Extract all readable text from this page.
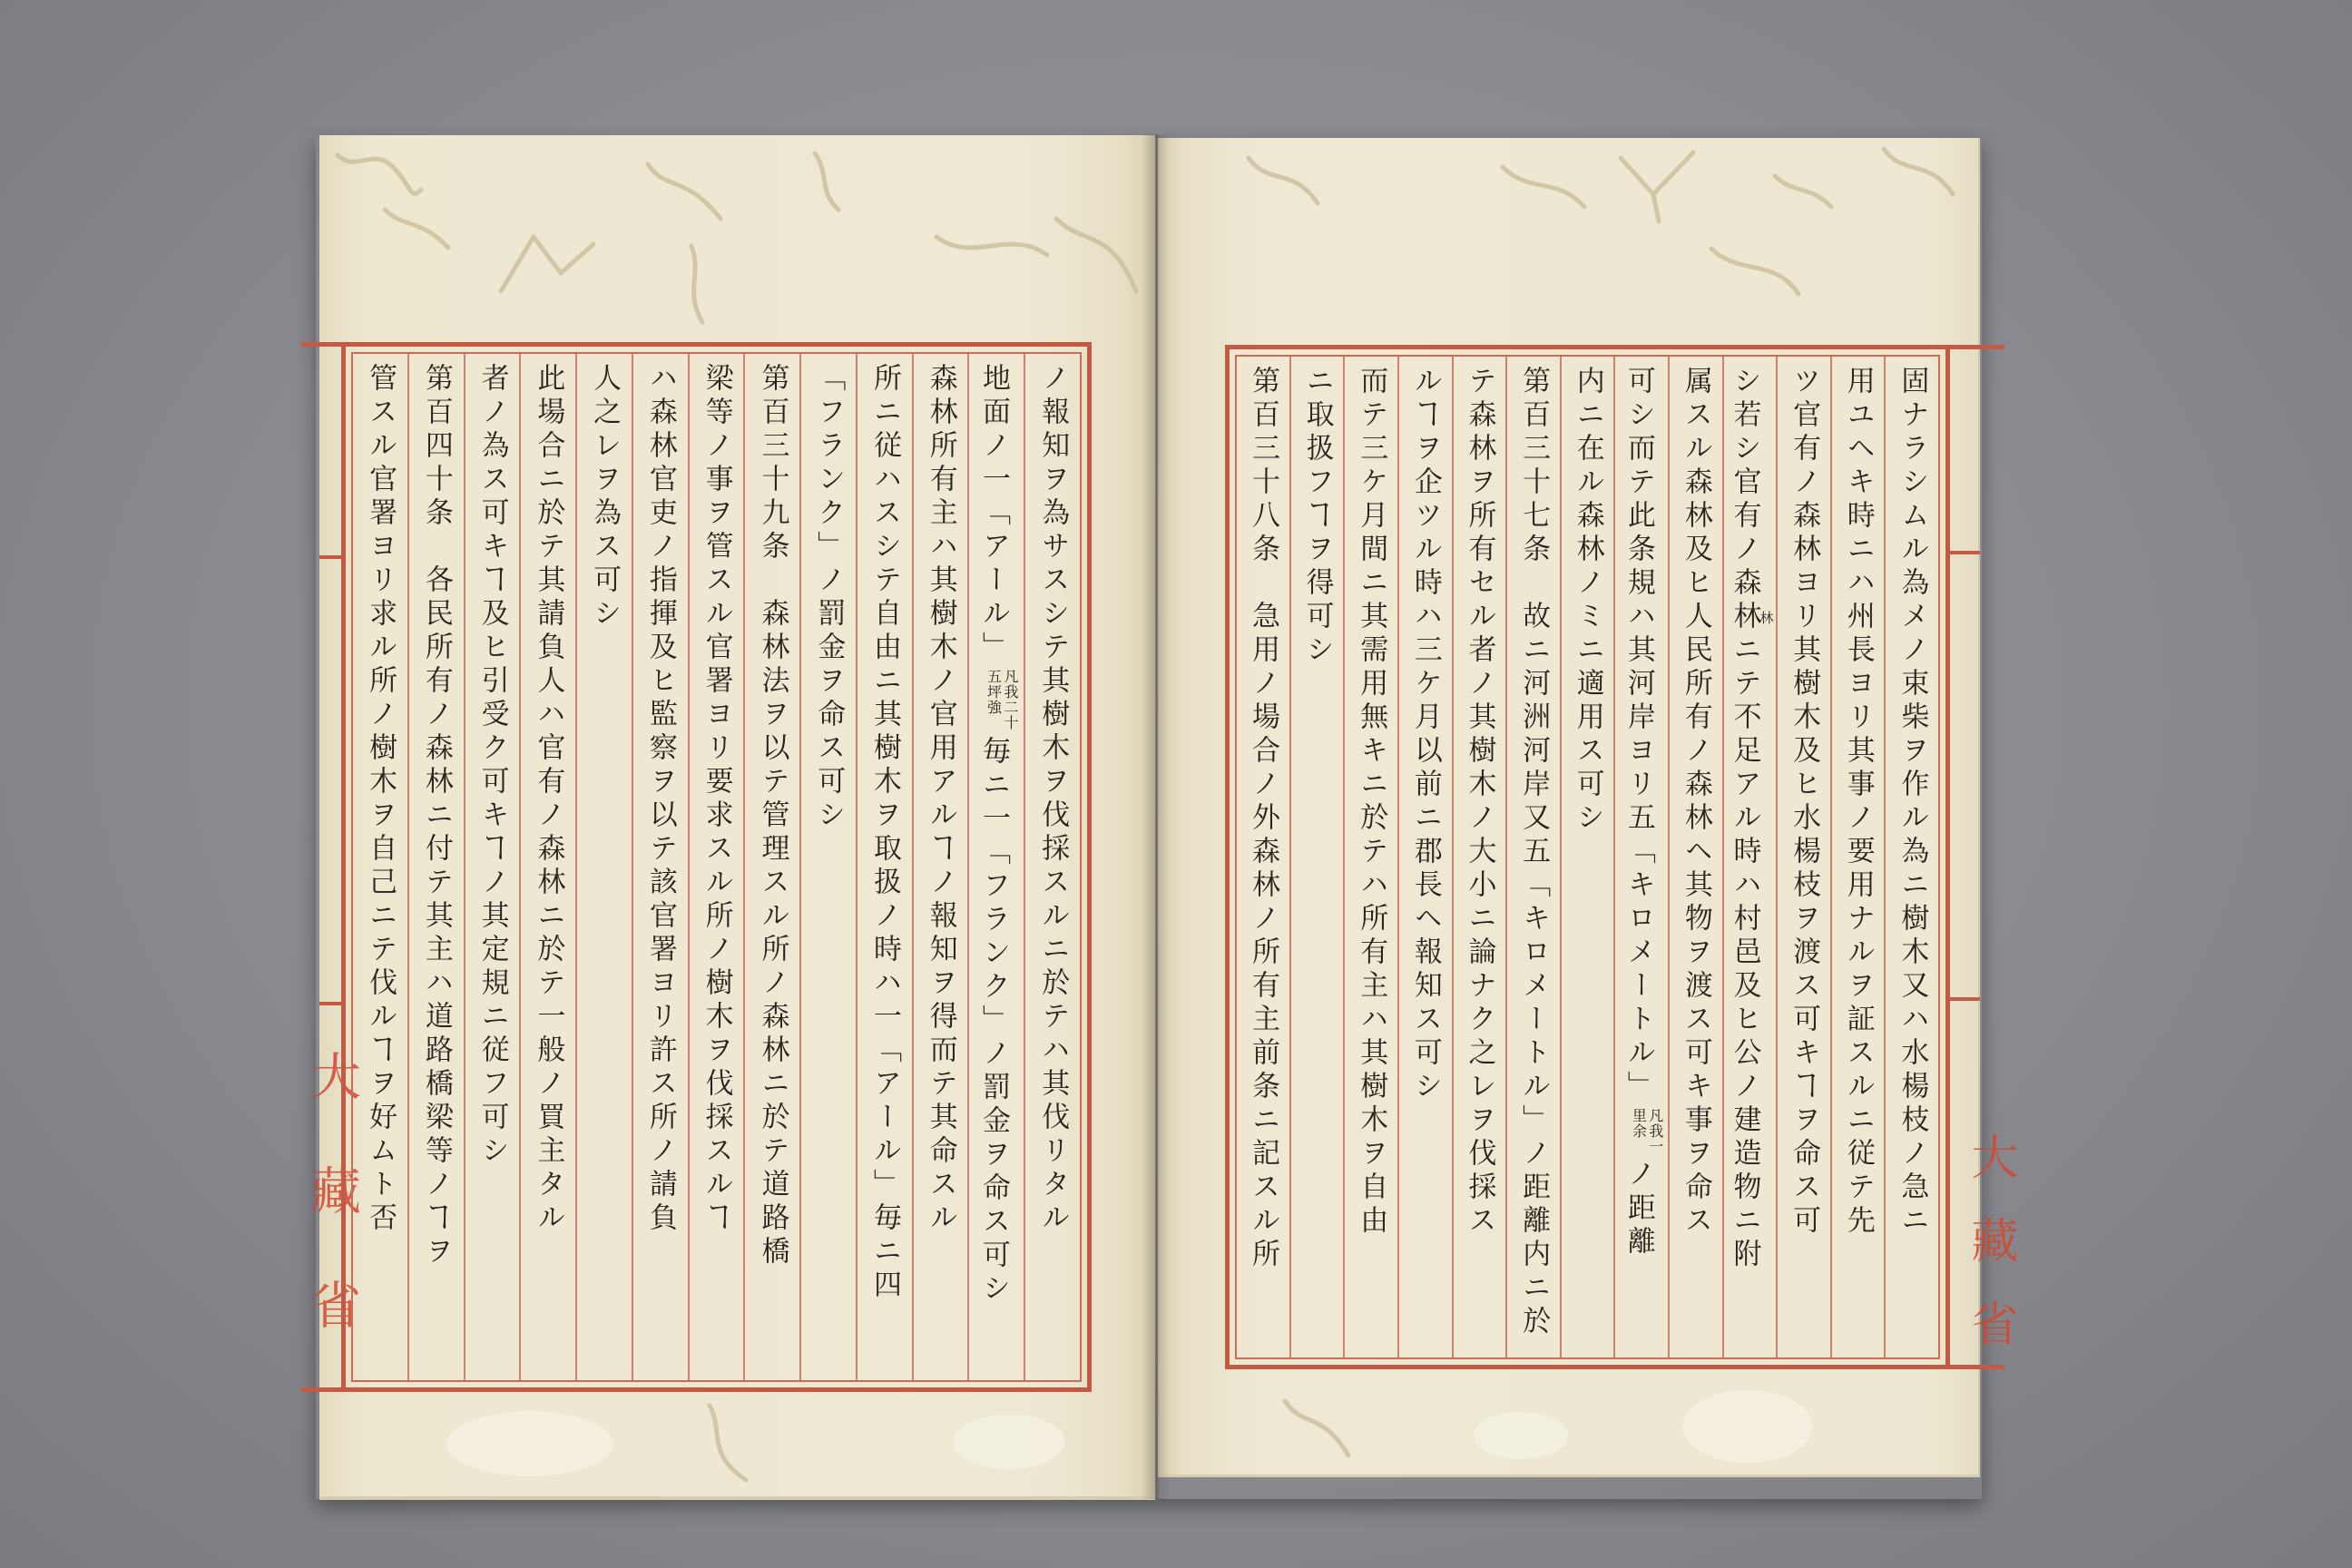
大藏省	ノ報知ヲ為サスシテ其樹木ヲ伐採スルニ於テハ其伐リタル
地面ノ一「アール」凡我二十五坪強毎ニ一「フランク」ノ罰金ヲ命ス可シ
森林所有主ハ其樹木ノ官用アルヿノ報知ヲ得而テ其命スル
所ニ従ハスシテ自由ニ其樹木ヲ取扱ノ時ハ一「アール」毎ニ四
「フランク」ノ罰金ヲ命ス可シ
第百三十九条　森林法ヲ以テ管理スル所ノ森林ニ於テ道路橋
梁等ノ事ヲ管スル官署ヨリ要求スル所ノ樹木ヲ伐採スルヿ
ハ森林官吏ノ指揮及ヒ監察ヲ以テ該官署ヨリ許ス所ノ請負
人之レヲ為ス可シ
此場合ニ於テ其請負人ハ官有ノ森林ニ於テ一般ノ買主タル
者ノ為ス可キヿ及ヒ引受ク可キヿノ其定規ニ従フ可シ
第百四十条　各民所有ノ森林ニ付テ其主ハ道路橋梁等ノヿヲ
管スル官署ヨリ求ル所ノ樹木ヲ自己ニテ伐ルヿヲ好ムト否
大藏省
固ナラシムル為メノ束柴ヲ作ル為ニ樹木又ハ水楊枝ノ急ニ
用ユヘキ時ニハ州長ヨリ其事ノ要用ナルヲ証スルニ従テ先
ツ官有ノ森林ヨリ其樹木及ヒ水楊枝ヲ渡ス可キヿヲ命ス可
シ若シ官有ノ森林林ニテ不足アル時ハ村邑及ヒ公ノ建造物ニ附
属スル森林及ヒ人民所有ノ森林ヘ其物ヲ渡ス可キ事ヲ命ス
可シ而テ此条規ハ其河岸ヨリ五「キロメートル」凡我一里余ノ距離
内ニ在ル森林ノミニ適用ス可シ
第百三十七条　故ニ河洲河岸又五「キロメートル」ノ距離内ニ於
テ森林ヲ所有セル者ノ其樹木ノ大小ニ論ナク之レヲ伐採ス
ルヿヲ企ツル時ハ三ケ月以前ニ郡長ヘ報知ス可シ
而テ三ケ月間ニ其需用無キニ於テハ所有主ハ其樹木ヲ自由
ニ取扱フヿヲ得可シ
第百三十八条　急用ノ場合ノ外森林ノ所有主前条ニ記スル所
